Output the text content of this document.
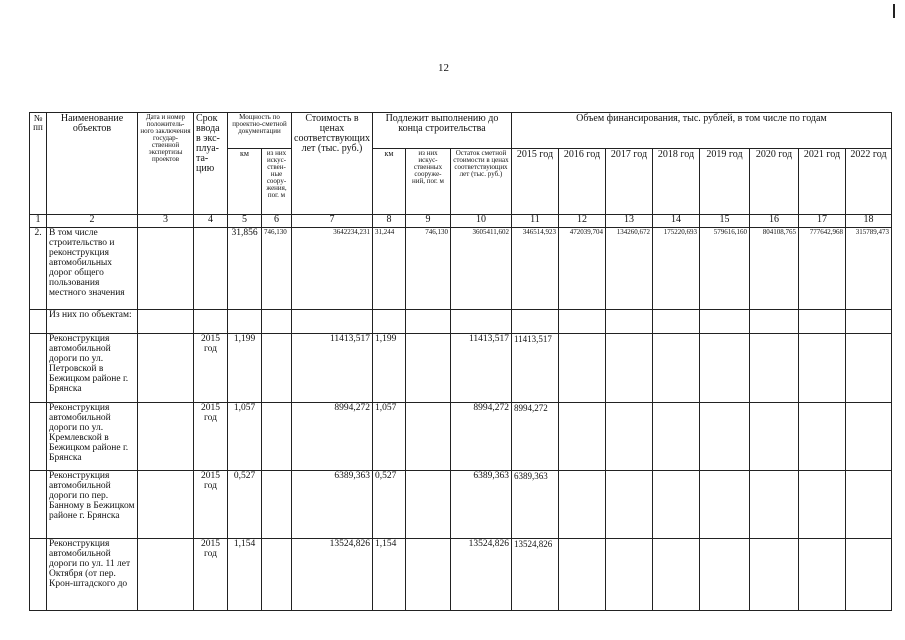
12
№ пп	Наименование объектов	Дата и номер положитель-ного заключения государ-ственной экспертизы проектов	Срок ввода в экс-плуа-та-цию	Мощность по проектно-сметной документации		Стоимость в ценах соответствующих лет (тыс. руб.)	Подлежит выполнению до конца строительства			Объем финансирования, тыс. рублей, в том числе по годам							
				км	из них искус-ствен-ные соору-жения, пог. м		км	из них искус-ственных сооруже-ний, пог. м	Остаток сметной стоимости в ценах соответствующих лет (тыс. руб.)	2015 год	2016 год	2017 год	2018 год	2019 год	2020 год	2021 год	2022 год
1	2	3	4	5	6	7	8	9	10	11	12	13	14	15	16	17	18
2.	В том числе строительство и реконструкция автомобильных дорог общего пользования местного значения			31,856	746,130	3642234,231	31,244	746,130	3605411,602	346514,923	472039,704	134260,672	175220,693	579616,160	804108,765	777642,968	315789,473
	Из них по объектам:																
	Реконструкция автомобильной дороги по ул. Петровской в Бежицком районе г. Брянска		2015 год	1,199		11413,517	1,199		11413,517	11413,517							
	Реконструкция автомобильной дороги по ул. Кремлевской в Бежицком районе г. Брянска		2015 год	1,057		8994,272	1,057		8994,272	8994,272							
	Реконструкция автомобильной дороги по пер. Банному в Бежицком районе г. Брянска		2015 год	0,527		6389,363	0,527		6389,363	6389,363							
	Реконструкция автомобильной дороги по ул. 11 лет Октября (от пер. Крон-штадского до		2015 год	1,154		13524,826	1,154		13524,826	13524,826							
